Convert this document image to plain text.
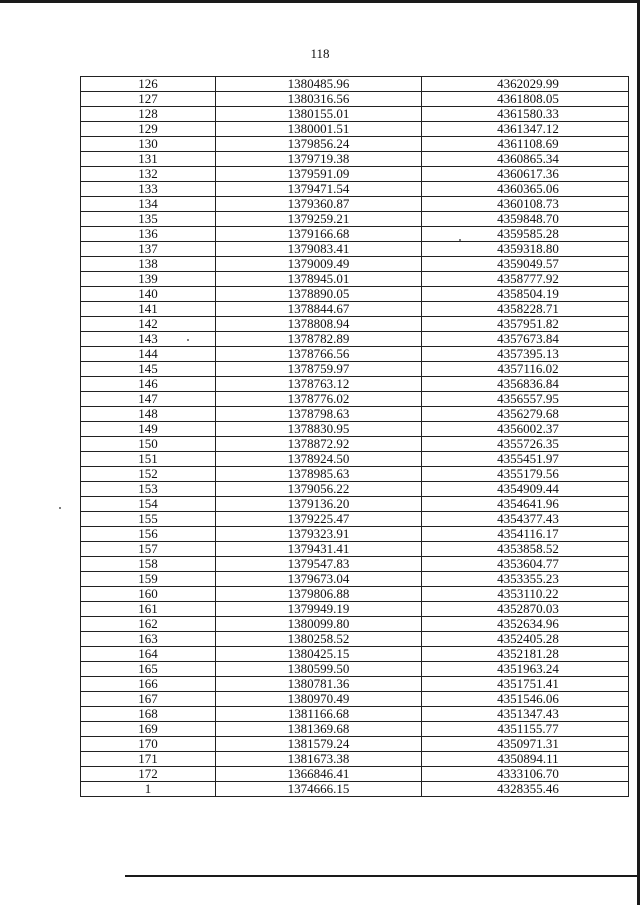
118
126	1380485.96	4362029.99
127	1380316.56	4361808.05
128	1380155.01	4361580.33
129	1380001.51	4361347.12
130	1379856.24	4361108.69
131	1379719.38	4360865.34
132	1379591.09	4360617.36
133	1379471.54	4360365.06
134	1379360.87	4360108.73
135	1379259.21	4359848.70
136	1379166.68	4359585.28
137	1379083.41	4359318.80
138	1379009.49	4359049.57
139	1378945.01	4358777.92
140	1378890.05	4358504.19
141	1378844.67	4358228.71
142	1378808.94	4357951.82
143	1378782.89	4357673.84
144	1378766.56	4357395.13
145	1378759.97	4357116.02
146	1378763.12	4356836.84
147	1378776.02	4356557.95
148	1378798.63	4356279.68
149	1378830.95	4356002.37
150	1378872.92	4355726.35
151	1378924.50	4355451.97
152	1378985.63	4355179.56
153	1379056.22	4354909.44
154	1379136.20	4354641.96
155	1379225.47	4354377.43
156	1379323.91	4354116.17
157	1379431.41	4353858.52
158	1379547.83	4353604.77
159	1379673.04	4353355.23
160	1379806.88	4353110.22
161	1379949.19	4352870.03
162	1380099.80	4352634.96
163	1380258.52	4352405.28
164	1380425.15	4352181.28
165	1380599.50	4351963.24
166	1380781.36	4351751.41
167	1380970.49	4351546.06
168	1381166.68	4351347.43
169	1381369.68	4351155.77
170	1381579.24	4350971.31
171	1381673.38	4350894.11
172	1366846.41	4333106.70
1	1374666.15	4328355.46
